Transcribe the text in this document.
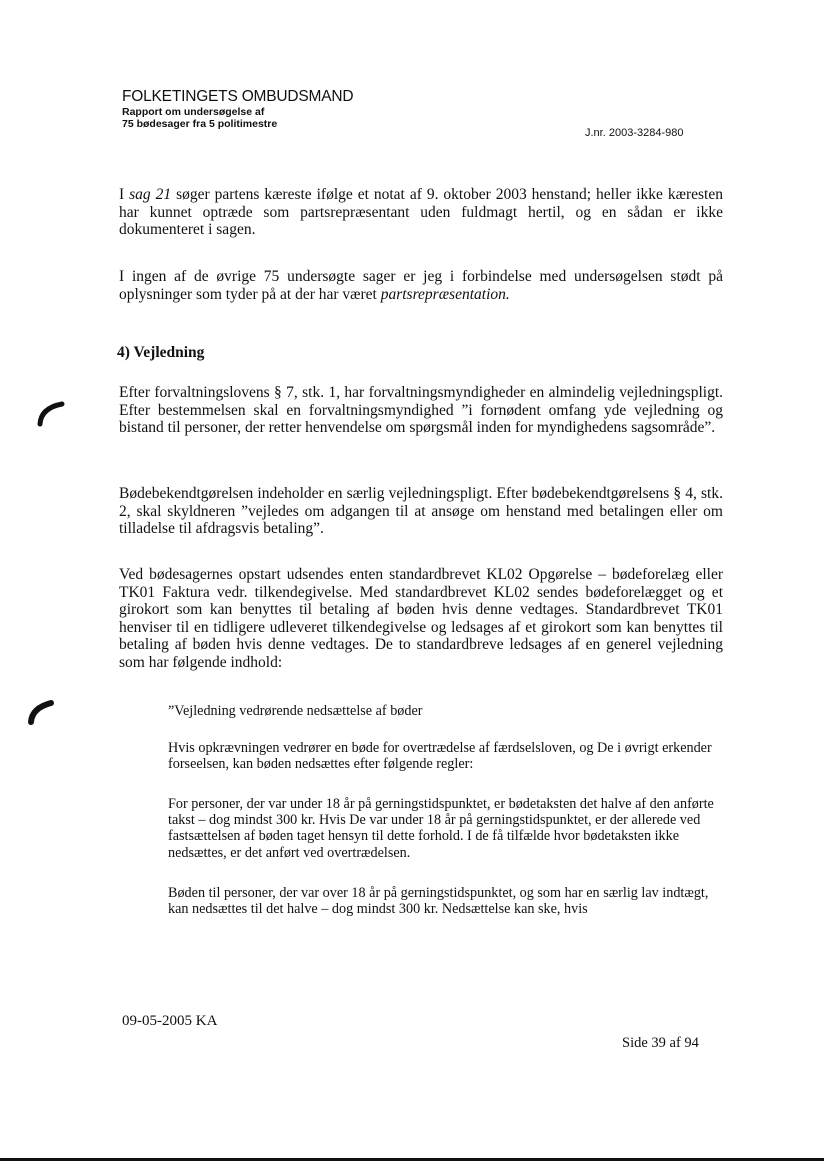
FOLKETINGETS OMBUDSMAND
Rapport om undersøgelse af
75 bødesager fra 5 politimestre
J.nr. 2003-3284-980

I sag 21 søger partens kæreste ifølge et notat af 9. oktober 2003 henstand; heller ikke kæresten har kunnet optræde som partsrepræsentant uden fuldmagt hertil, og en sådan er ikke dokumenteret i sagen.

I ingen af de øvrige 75 undersøgte sager er jeg i forbindelse med undersøgelsen stødt på oplysninger som tyder på at der har været partsrepræsentation.

4) Vejledning

Efter forvaltningslovens § 7, stk. 1, har forvaltningsmyndigheder en almindelig vejledningspligt. Efter bestemmelsen skal en forvaltningsmyndighed ”i fornødent omfang yde vejledning og bistand til personer, der retter henvendelse om spørgsmål inden for myndighedens sagsområde”.

Bødebekendtgørelsen indeholder en særlig vejledningspligt. Efter bødebekendtgørelsens § 4, stk. 2, skal skyldneren ”vejledes om adgangen til at ansøge om henstand med betalingen eller om tilladelse til afdragsvis betaling”.

Ved bødesagernes opstart udsendes enten standardbrevet KL02 Opgørelse – bødeforelæg eller TK01 Faktura vedr. tilkendegivelse. Med standardbrevet KL02 sendes bødeforelægget og et girokort som kan benyttes til betaling af bøden hvis denne vedtages. Standardbrevet TK01 henviser til en tidligere udleveret tilkendegivelse og ledsages af et girokort som kan benyttes til betaling af bøden hvis denne vedtages. De to standardbreve ledsages af en generel vejledning som har følgende indhold:

”Vejledning vedrørende nedsættelse af bøder

Hvis opkrævningen vedrører en bøde for overtrædelse af færdselsloven, og De i øvrigt erkender forseelsen, kan bøden nedsættes efter følgende regler:

For personer, der var under 18 år på gerningstidspunktet, er bødetaksten det halve af den anførte takst – dog mindst 300 kr. Hvis De var under 18 år på gerningstidspunktet, er der allerede ved fastsættelsen af bøden taget hensyn til dette forhold. I de få tilfælde hvor bødetaksten ikke nedsættes, er det anført ved overtrædelsen.

Bøden til personer, der var over 18 år på gerningstidspunktet, og som har en særlig lav indtægt, kan nedsættes til det halve – dog mindst 300 kr. Nedsættelse kan ske, hvis

09-05-2005 KA
Side 39 af 94
